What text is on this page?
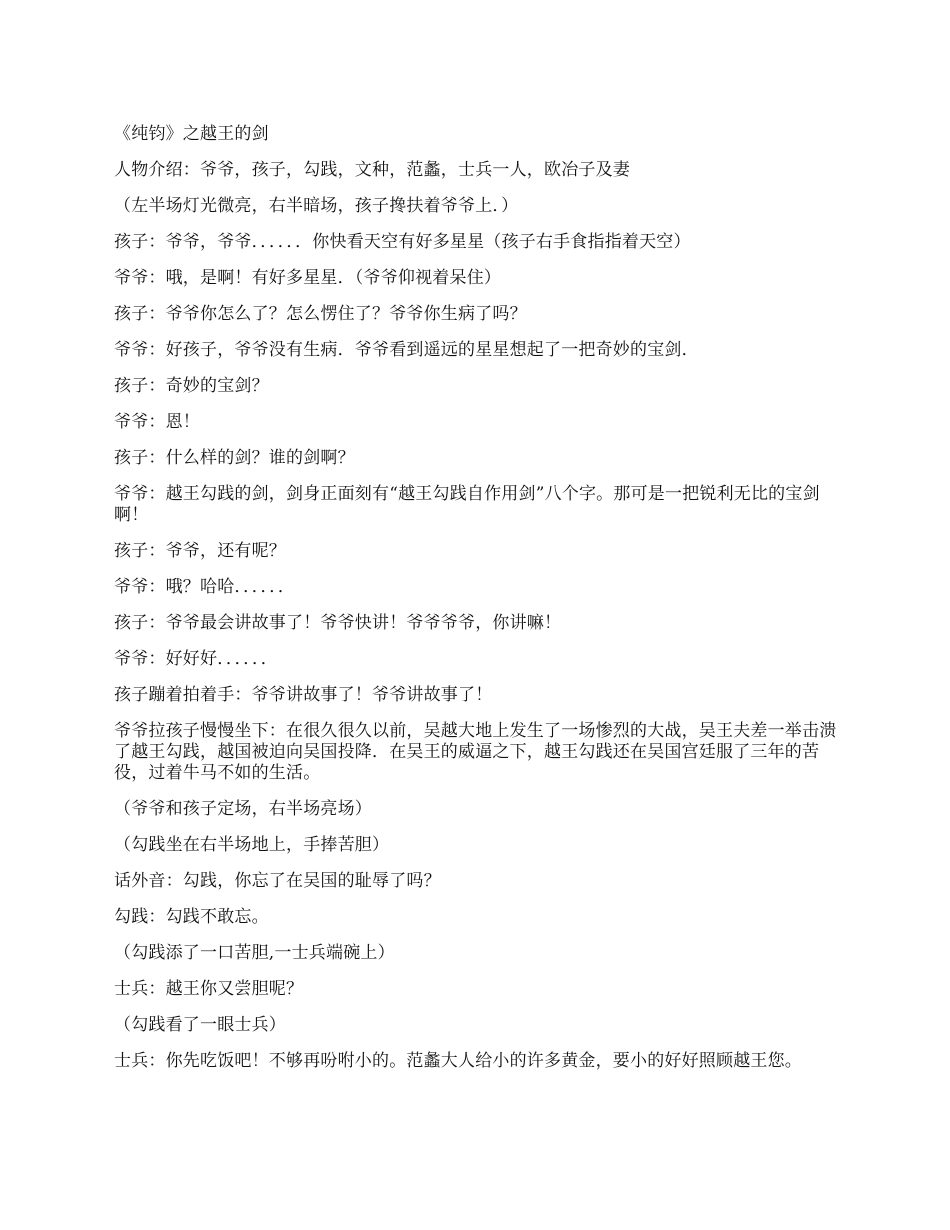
《纯钧》之越王的剑

人物介绍：爷爷，孩子，勾践，文种，范蠡，士兵一人，欧冶子及妻

（左半场灯光微亮，右半暗场，孩子搀扶着爷爷上．）

孩子：爷爷，爷爷．．．．．．你快看天空有好多星星（孩子右手食指指着天空）

爷爷：哦，是啊！有好多星星．（爷爷仰视着呆住）

孩子：爷爷你怎么了？怎么愣住了？爷爷你生病了吗？

爷爷：好孩子，爷爷没有生病．爷爷看到遥远的星星想起了一把奇妙的宝剑．

孩子：奇妙的宝剑？

爷爷：恩！

孩子：什么样的剑？谁的剑啊？

爷爷：越王勾践的剑，剑身正面刻有“越王勾践自作用剑”八个字。那可是一把锐利无比的宝剑啊！

孩子：爷爷，还有呢？

爷爷：哦？哈哈．．．．．．

孩子：爷爷最会讲故事了！爷爷快讲！爷爷爷爷，你讲嘛！

爷爷：好好好．．．．．．

孩子蹦着拍着手：爷爷讲故事了！爷爷讲故事了！

爷爷拉孩子慢慢坐下：在很久很久以前，吴越大地上发生了一场惨烈的大战，吴王夫差一举击溃了越王勾践，越国被迫向吴国投降．在吴王的威逼之下，越王勾践还在吴国宫廷服了三年的苦役，过着牛马不如的生活。

（爷爷和孩子定场，右半场亮场）

（勾践坐在右半场地上，手捧苦胆）

话外音：勾践，你忘了在吴国的耻辱了吗？

勾践：勾践不敢忘。

（勾践添了一口苦胆,一士兵端碗上）

士兵：越王你又尝胆呢？

（勾践看了一眼士兵）

士兵：你先吃饭吧！不够再吩咐小的。范蠡大人给小的许多黄金，要小的好好照顾越王您。
